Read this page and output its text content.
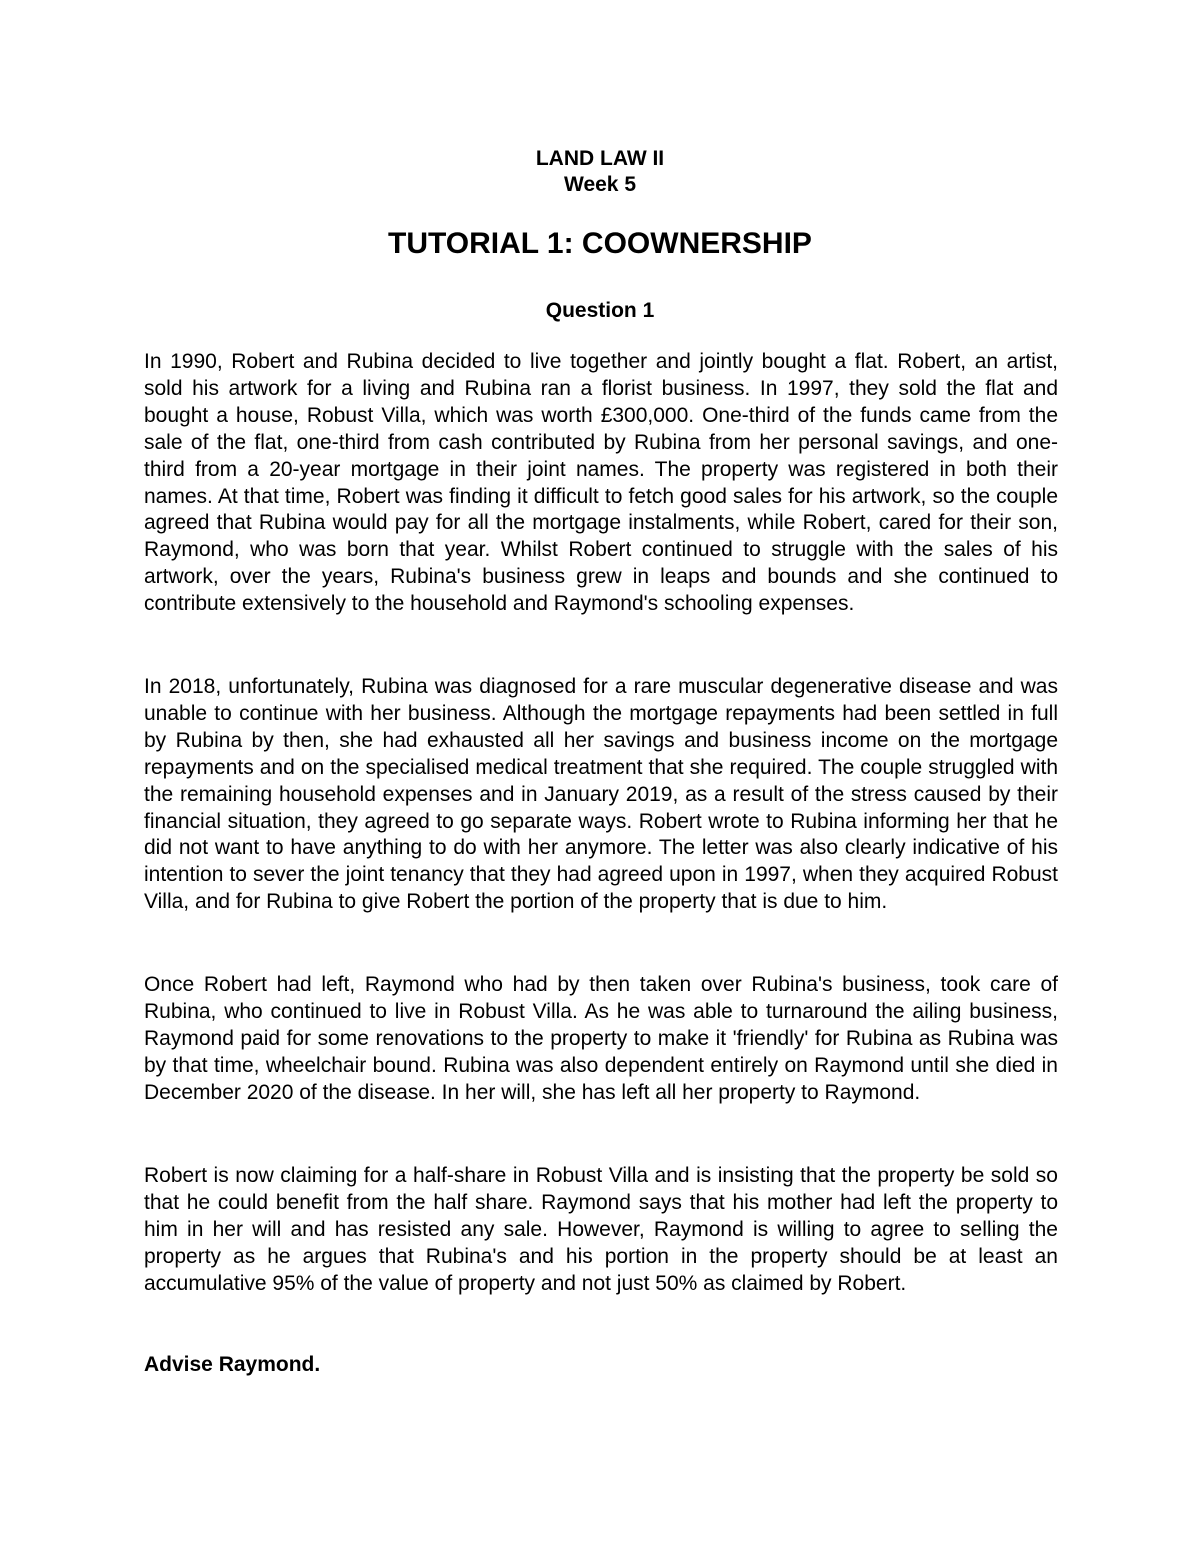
LAND LAW II
Week 5
TUTORIAL 1: COOWNERSHIP
Question 1

In 1990, Robert and Rubina decided to live together and jointly bought a flat. Robert, an artist, sold his artwork for a living and Rubina ran a florist business. In 1997, they sold the flat and bought a house, Robust Villa, which was worth £300,000. One-third of the funds came from the sale of the flat, one-third from cash contributed by Rubina from her personal savings, and one-third from a 20-year mortgage in their joint names. The property was registered in both their names. At that time, Robert was finding it difficult to fetch good sales for his artwork, so the couple agreed that Rubina would pay for all the mortgage instalments, while Robert, cared for their son, Raymond, who was born that year. Whilst Robert continued to struggle with the sales of his artwork, over the years, Rubina's business grew in leaps and bounds and she continued to contribute extensively to the household and Raymond's schooling expenses.

In 2018, unfortunately, Rubina was diagnosed for a rare muscular degenerative disease and was unable to continue with her business. Although the mortgage repayments had been settled in full by Rubina by then, she had exhausted all her savings and business income on the mortgage repayments and on the specialised medical treatment that she required. The couple struggled with the remaining household expenses and in January 2019, as a result of the stress caused by their financial situation, they agreed to go separate ways. Robert wrote to Rubina informing her that he did not want to have anything to do with her anymore. The letter was also clearly indicative of his intention to sever the joint tenancy that they had agreed upon in 1997, when they acquired Robust Villa, and for Rubina to give Robert the portion of the property that is due to him.

Once Robert had left, Raymond who had by then taken over Rubina's business, took care of Rubina, who continued to live in Robust Villa. As he was able to turnaround the ailing business, Raymond paid for some renovations to the property to make it 'friendly' for Rubina as Rubina was by that time, wheelchair bound. Rubina was also dependent entirely on Raymond until she died in December 2020 of the disease. In her will, she has left all her property to Raymond.

Robert is now claiming for a half-share in Robust Villa and is insisting that the property be sold so that he could benefit from the half share. Raymond says that his mother had left the property to him in her will and has resisted any sale. However, Raymond is willing to agree to selling the property as he argues that Rubina's and his portion in the property should be at least an accumulative 95% of the value of property and not just 50% as claimed by Robert.

Advise Raymond.
